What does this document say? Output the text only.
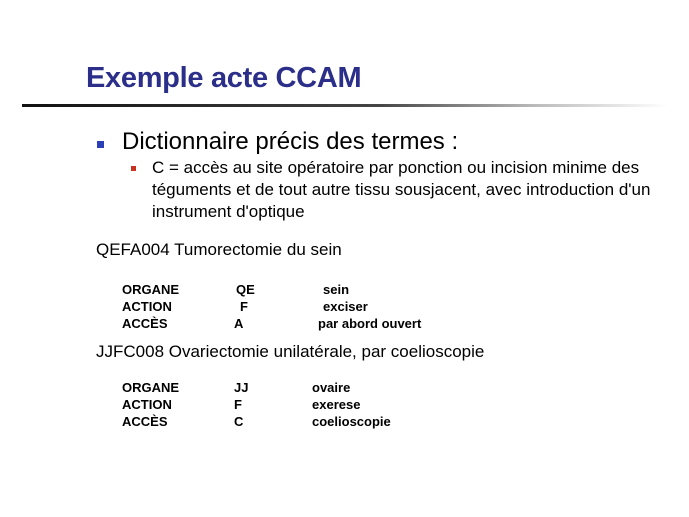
Exemple acte CCAM
Dictionnaire précis des termes :
C = accès au site opératoire par ponction ou incision minime des téguments et de tout autre tissu sousjacent, avec introduction d'un instrument d'optique
QEFA004 Tumorectomie du sein
ORGANE	QE	sein
ACTION	F	exciser
ACCÈS	A	par abord ouvert
JJFC008 Ovariectomie unilatérale, par coelioscopie
ORGANE	JJ	ovaire
ACTION	F	exerese
ACCÈS	C	coelioscopie
